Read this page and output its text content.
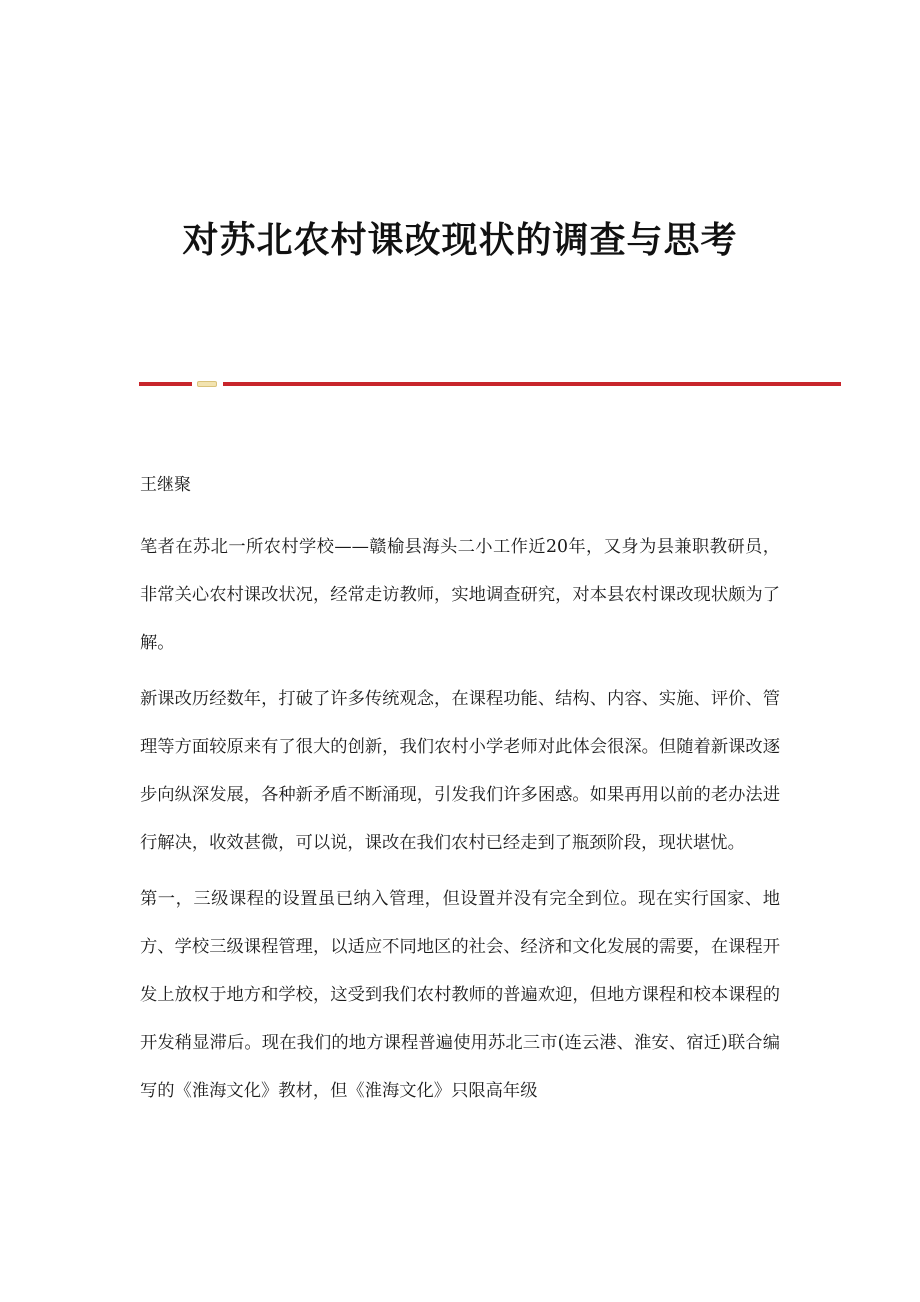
对苏北农村课改现状的调查与思考

王继聚

笔者在苏北一所农村学校——赣榆县海头二小工作近20年，又身为县兼职教研员，非常关心农村课改状况，经常走访教师，实地调查研究，对本县农村课改现状颇为了解。

新课改历经数年，打破了许多传统观念，在课程功能、结构、内容、实施、评价、管理等方面较原来有了很大的创新，我们农村小学老师对此体会很深。但随着新课改逐步向纵深发展，各种新矛盾不断涌现，引发我们许多困惑。如果再用以前的老办法进行解决，收效甚微，可以说，课改在我们农村已经走到了瓶颈阶段，现状堪忧。

第一，三级课程的设置虽已纳入管理，但设置并没有完全到位。现在实行国家、地方、学校三级课程管理，以适应不同地区的社会、经济和文化发展的需要，在课程开发上放权于地方和学校，这受到我们农村教师的普遍欢迎，但地方课程和校本课程的开发稍显滞后。现在我们的地方课程普遍使用苏北三市(连云港、淮安、宿迁)联合编写的《淮海文化》教材，但《淮海文化》只限高年级
